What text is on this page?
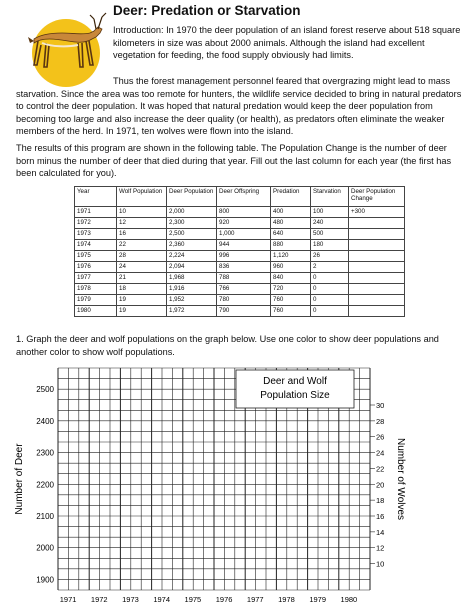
Deer: Predation or Starvation
Introduction: In 1970 the deer population of an island forest reserve about 518 square kilometers in size was about 2000 animals. Although the island had excellent vegetation for feeding, the food supply obviously had limits.
Thus the forest management personnel feared that overgrazing might lead to mass starvation. Since the area was too remote for hunters, the wildlife service decided to bring in natural predators to control the deer population. It was hoped that natural predation would keep the deer population from becoming too large and also increase the deer quality (or health), as predators often eliminate the weaker members of the herd. In 1971, ten wolves were flown into the island.
The results of this program are shown in the following table. The Population Change is the number of deer born minus the number of deer that died during that year. Fill out the last column for each year (the first has been calculated for you).
Year	Wolf Population	Deer Population	Deer Offspring	Predation	Starvation	Deer Population Change
1971	10	2,000	800	400	100	+300
1972	12	2,300	920	480	240	
1973	16	2,500	1,000	640	500	
1974	22	2,360	944	880	180	
1975	28	2,224	996	1,120	26	
1976	24	2,094	836	960	2	
1977	21	1,968	788	840	0	
1978	18	1,916	766	720	0	
1979	19	1,952	780	760	0	
1980	19	1,972	790	760	0	
1. Graph the deer and wolf populations on the graph below. Use one color to show deer populations and another color to show wolf populations.
Deer and Wolf
Population Size
2500
2400
2300
2200
2100
2000
1900
30
28
26
24
22
20
18
16
14
12
10
1971 1972 1973 1974 1975 1976 1977 1978 1979 1980
Number of Deer	Number of Wolves
